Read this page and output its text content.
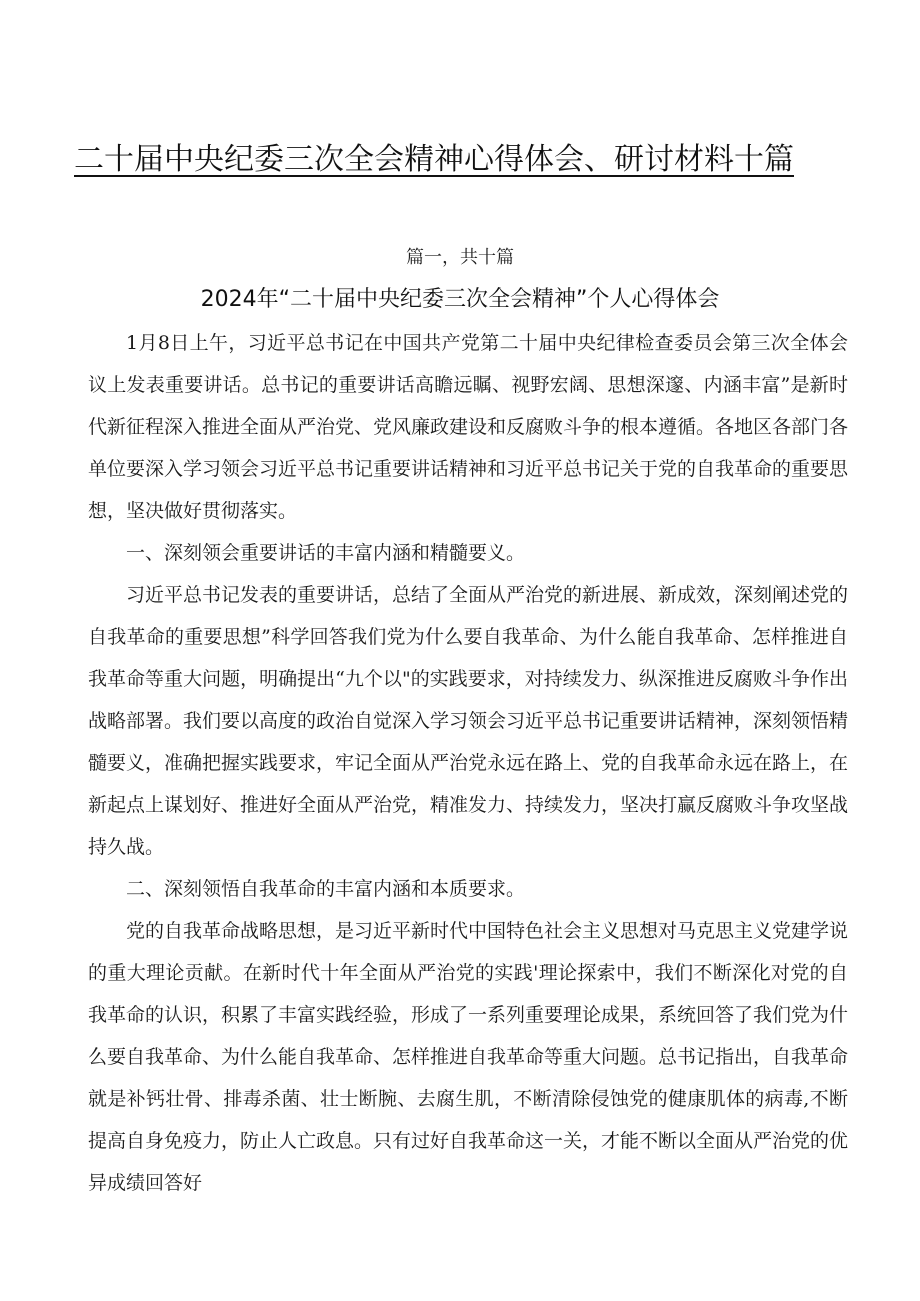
二十届中央纪委三次全会精神心得体会、研讨材料十篇
篇一，共十篇
2024年“二十届中央纪委三次全会精神”个人心得体会

1月8日上午，习近平总书记在中国共产党第二十届中央纪律检查委员会第三次全体会议上发表重要讲话。总书记的重要讲话高瞻远瞩、视野宏阔、思想深邃、内涵丰富”是新时代新征程深入推进全面从严治党、党风廉政建设和反腐败斗争的根本遵循。各地区各部门各单位要深入学习领会习近平总书记重要讲话精神和习近平总书记关于党的自我革命的重要思想，坚决做好贯彻落实。

一、深刻领会重要讲话的丰富内涵和精髓要义。

习近平总书记发表的重要讲话，总结了全面从严治党的新进展、新成效，深刻阐述党的自我革命的重要思想”科学回答我们党为什么要自我革命、为什么能自我革命、怎样推进自我革命等重大问题，明确提出“九个以"的实践要求，对持续发力、纵深推进反腐败斗争作出战略部署。我们要以高度的政治自觉深入学习领会习近平总书记重要讲话精神，深刻领悟精髓要义，准确把握实践要求，牢记全面从严治党永远在路上、党的自我革命永远在路上，在新起点上谋划好、推进好全面从严治党，精准发力、持续发力，坚决打赢反腐败斗争攻坚战持久战。

二、深刻领悟自我革命的丰富内涵和本质要求。

党的自我革命战略思想，是习近平新时代中国特色社会主义思想对马克思主义党建学说的重大理论贡献。在新时代十年全面从严治党的实践'理论探索中，我们不断深化对党的自我革命的认识，积累了丰富实践经验，形成了一系列重要理论成果，系统回答了我们党为什么要自我革命、为什么能自我革命、怎样推进自我革命等重大问题。总书记指出，自我革命就是补钙壮骨、排毒杀菌、壮士断腕、去腐生肌，不断清除侵蚀党的健康肌体的病毒,不断提高自身免疫力，防止人亡政息。只有过好自我革命这一关，才能不断以全面从严治党的优异成绩回答好
